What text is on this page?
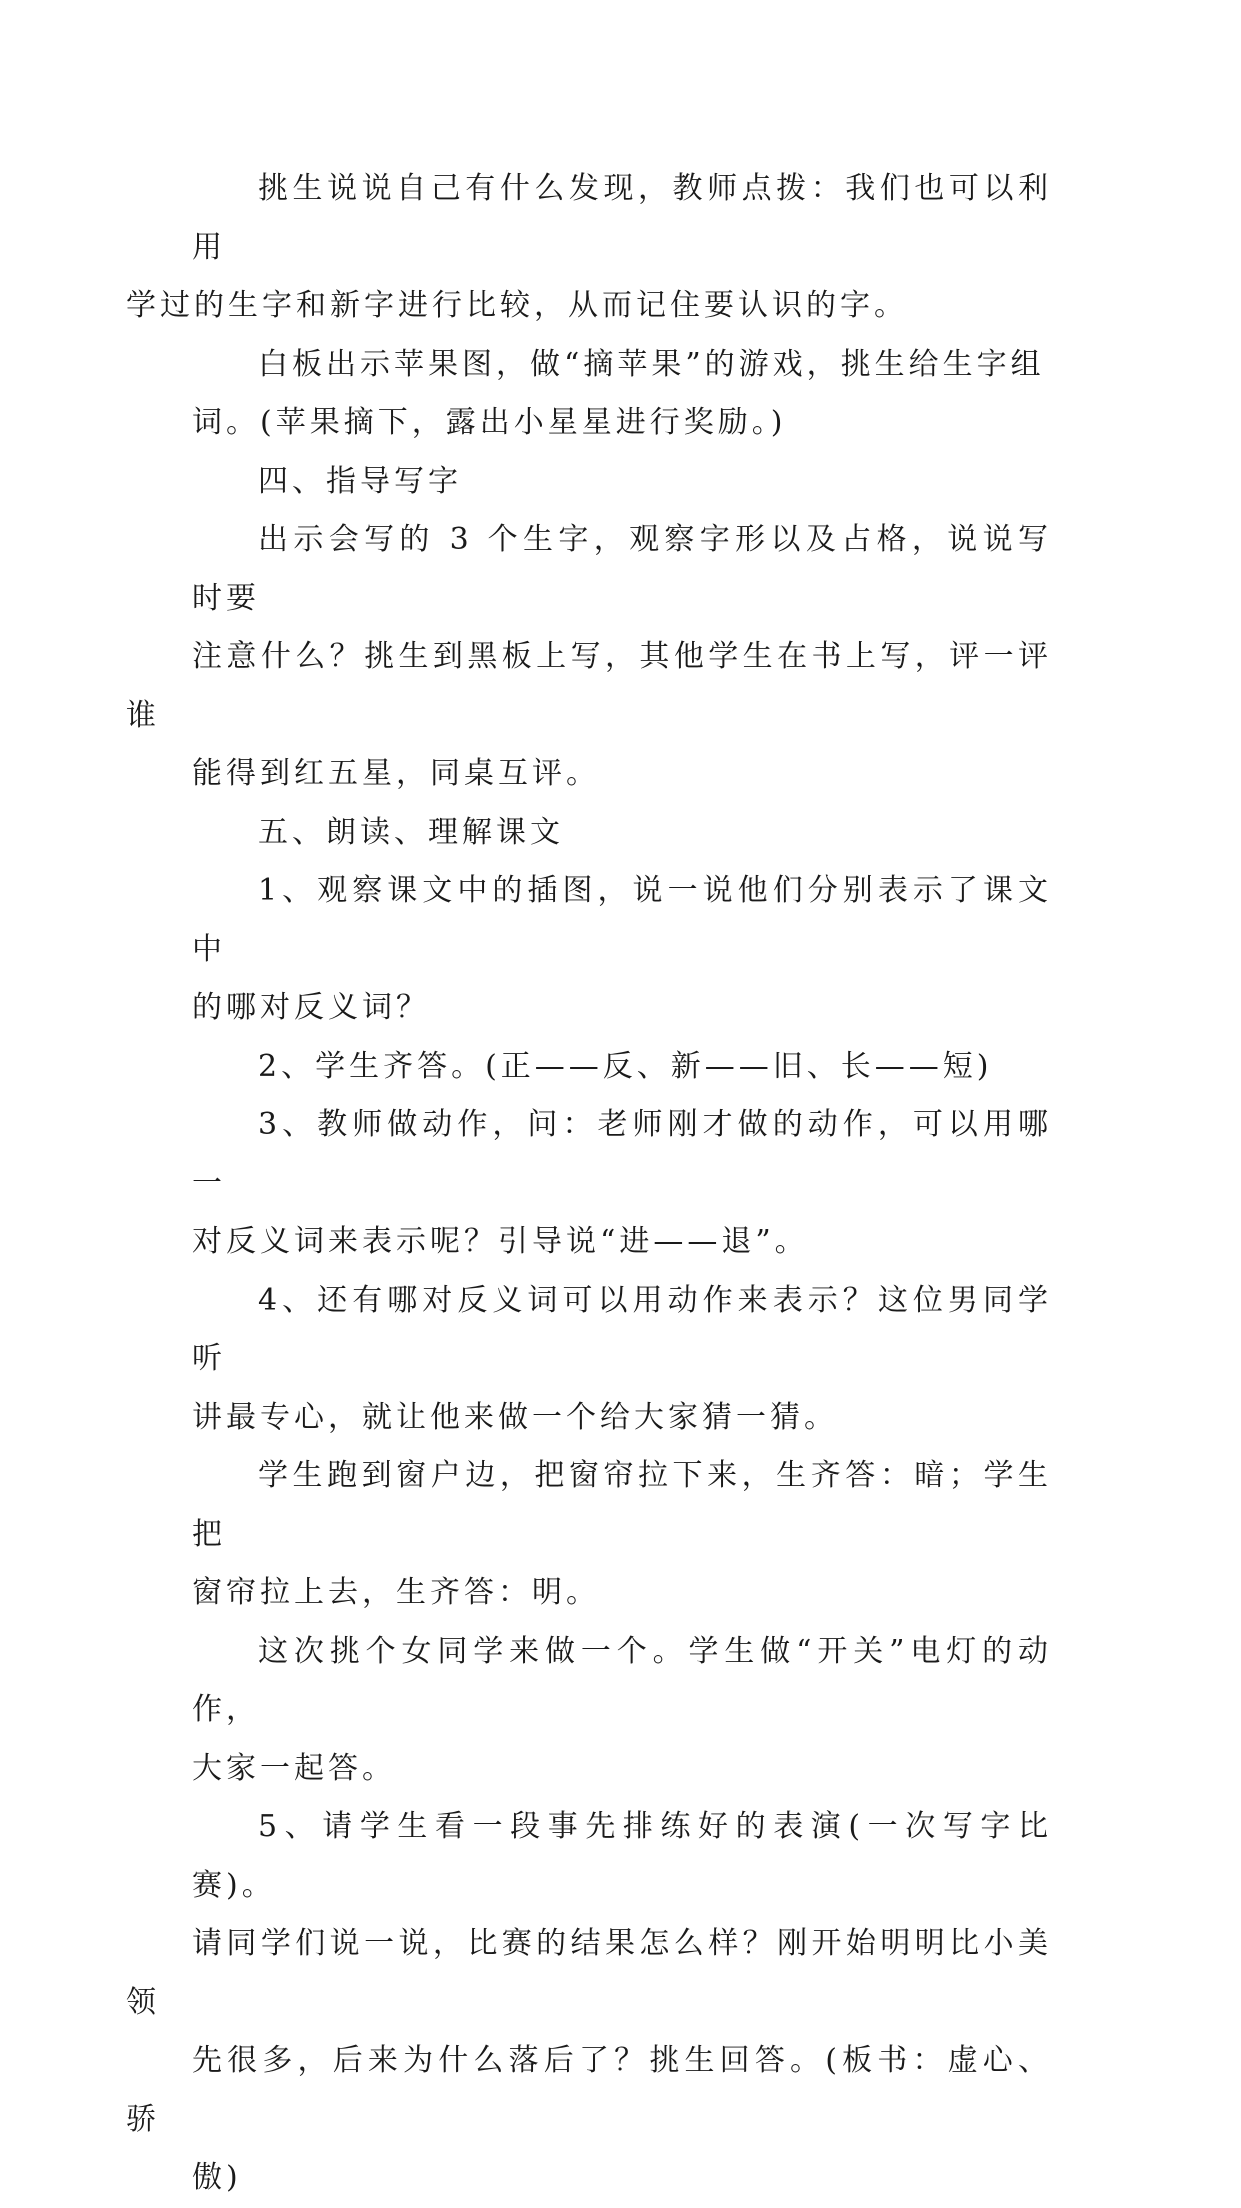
挑生说说自己有什么发现，教师点拨：我们也可以利用
学过的生字和新字进行比较，从而记住要认识的字。

白板出示苹果图，做“摘苹果”的游戏，挑生给生字组
词。(苹果摘下，露出小星星进行奖励。)

四、指导写字

出示会写的 3 个生字，观察字形以及占格，说说写时要
注意什么？挑生到黑板上写，其他学生在书上写，评一评谁
能得到红五星，同桌互评。

五、朗读、理解课文

1、观察课文中的插图，说一说他们分别表示了课文中
的哪对反义词？

2、学生齐答。(正——反、新——旧、长——短)

3、教师做动作，问：老师刚才做的动作，可以用哪一
对反义词来表示呢？引导说“进——退”。

4、还有哪对反义词可以用动作来表示？这位男同学听
讲最专心，就让他来做一个给大家猜一猜。

学生跑到窗户边，把窗帘拉下来，生齐答：暗；学生把
窗帘拉上去，生齐答：明。

这次挑个女同学来做一个。学生做“开关”电灯的动作，
大家一起答。

5、请学生看一段事先排练好的表演(一次写字比赛)。
请同学们说一说，比赛的结果怎么样？刚开始明明比小美领
先很多，后来为什么落后了？挑生回答。(板书：虚心、骄
傲)
